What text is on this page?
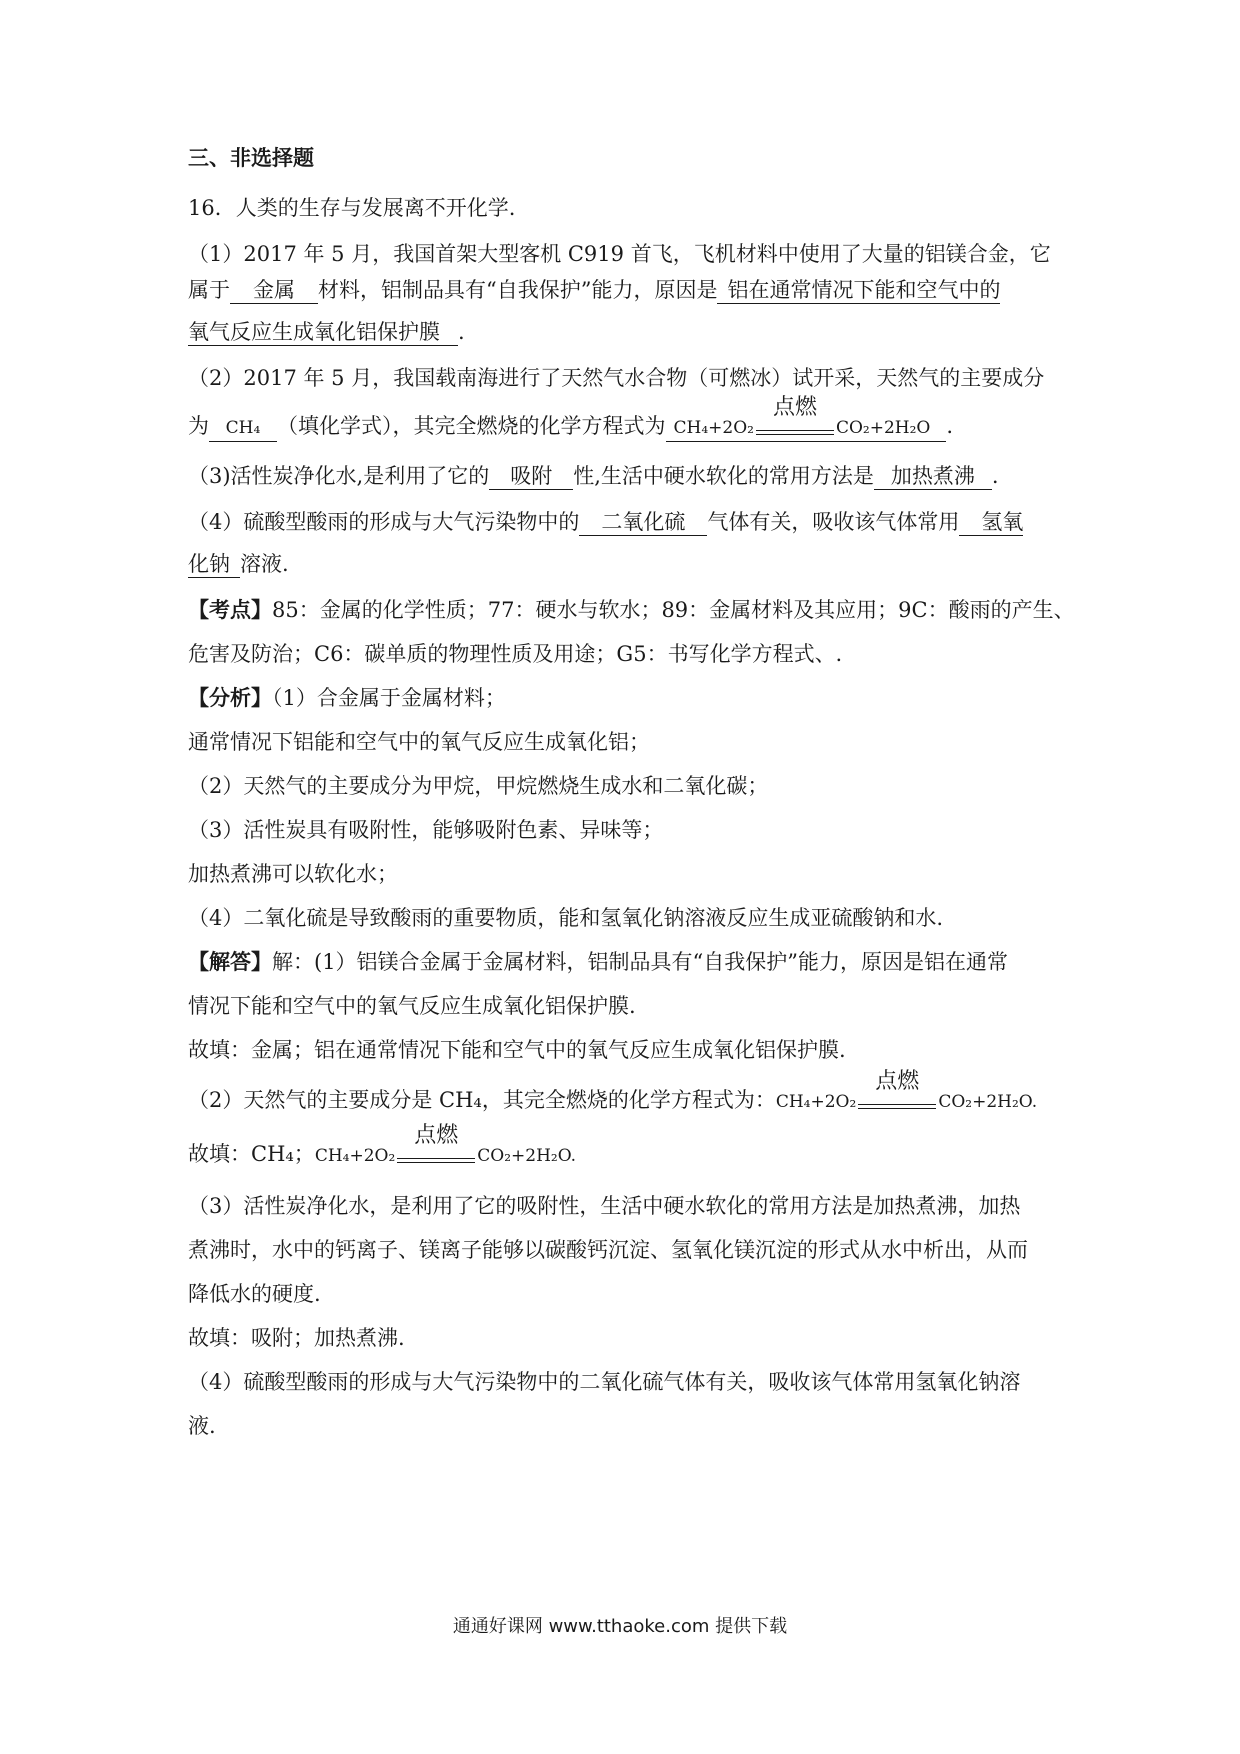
三、非选择题
16．人类的生存与发展离不开化学.
（1）2017 年 5 月，我国首架大型客机 C919 首飞，飞机材料中使用了大量的铝镁合金，它
属于 金属 材料，铝制品具有“自我保护”能力，原因是 铝在通常情况下能和空气中的
氧气反应生成氧化铝保护膜 .
（2）2017 年 5 月，我国载南海进行了天然气水合物（可燃冰）试开采，天然气的主要成分
为 CH₄ （填化学式），其完全燃烧的化学方程式为 CH₄+2O₂
点燃
CO₂+2H₂O .
（3)活性炭净化水,是利用了它的 吸附 性,生活中硬水软化的常用方法是 加热煮沸 .
（4）硫酸型酸雨的形成与大气污染物中的 二氧化硫 气体有关，吸收该气体常用 氢氧
化钠 溶液.
【考点】85：金属的化学性质；77：硬水与软水；89：金属材料及其应用；9C：酸雨的产生、
危害及防治；C6：碳单质的物理性质及用途；G5：书写化学方程式、.
【分析】（1）合金属于金属材料；
通常情况下铝能和空气中的氧气反应生成氧化铝；
（2）天然气的主要成分为甲烷，甲烷燃烧生成水和二氧化碳；
（3）活性炭具有吸附性，能够吸附色素、异味等；
加热煮沸可以软化水；
（4）二氧化硫是导致酸雨的重要物质，能和氢氧化钠溶液反应生成亚硫酸钠和水.
【解答】解：(1）铝镁合金属于金属材料，铝制品具有“自我保护”能力，原因是铝在通常
情况下能和空气中的氧气反应生成氧化铝保护膜.
故填：金属；铝在通常情况下能和空气中的氧气反应生成氧化铝保护膜.
（2）天然气的主要成分是 CH₄，其完全燃烧的化学方程式为：CH₄+2O₂
点燃
CO₂+2H₂O.
故填：CH₄；CH₄+2O₂
点燃
CO₂+2H₂O.
（3）活性炭净化水，是利用了它的吸附性，生活中硬水软化的常用方法是加热煮沸，加热
煮沸时，水中的钙离子、镁离子能够以碳酸钙沉淀、氢氧化镁沉淀的形式从水中析出，从而
降低水的硬度.
故填：吸附；加热煮沸.
（4）硫酸型酸雨的形成与大气污染物中的二氧化硫气体有关，吸收该气体常用氢氧化钠溶
液.
通通好课网 www.tthaoke.com 提供下载
